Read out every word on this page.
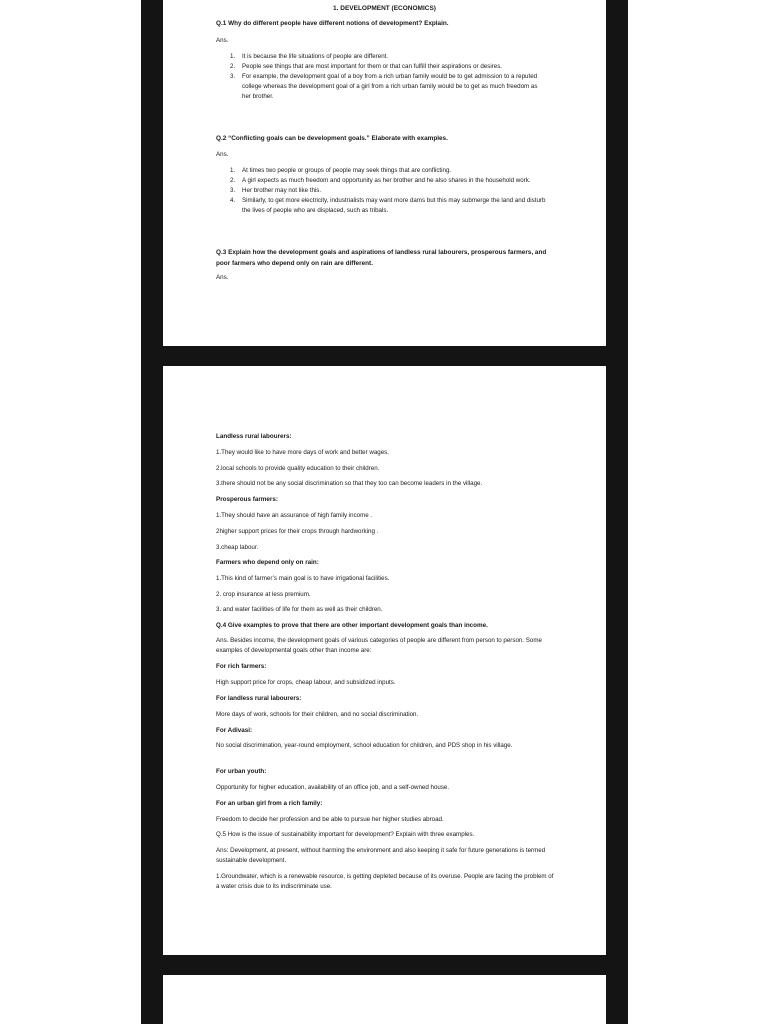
1. DEVELOPMENT (ECONOMICS)

Q.1 Why do different people have different notions of development? Explain.

Ans.

1. It is because the life situations of people are different.
2. People see things that are most important for them or that can fulfill their aspirations or desires.
3. For example, the development goal of a boy from a rich urban family would be to get admission to a reputed college whereas the development goal of a girl from a rich urban family would be to get as much freedom as her brother.

Q.2 “Conflicting goals can be development goals.” Elaborate with examples.

Ans.

1. At times two people or groups of people may seek things that are conflicting.
2. A girl expects as much freedom and opportunity as her brother and he also shares in the household work.
3. Her brother may not like this.
4. Similarly, to get more electricity, industrialists may want more dams but this may submerge the land and disturb the lives of people who are displaced, such as tribals.

Q.3 Explain how the development goals and aspirations of landless rural labourers, prosperous farmers, and poor farmers who depend only on rain are different.

Ans.

Landless rural labourers:

1.They would like to have more days of work and better wages.

2.local schools to provide quality education to their children.

3.there should not be any social discrimination so that they too can become leaders in the village.

Prosperous farmers:

1.They should have an assurance of high family income .

2higher support prices for their crops through hardworking .

3.cheap labour.

Farmers who depend only on rain:

1.This kind of farmer’s main goal is to have irrigational facilities.

2. crop insurance at less premium.

3. and water facilities of life for them as well as their children.

Q.4 Give examples to prove that there are other important development goals than income.

Ans. Besides income, the development goals of various categories of people are different from person to person. Some examples of developmental goals other than income are:

For rich farmers:

High support price for crops, cheap labour, and subsidized inputs.

For landless rural labourers:

More days of work, schools for their children, and no social discrimination.

For Adivasi:

No social discrimination, year-round employment, school education for children, and PDS shop in his village.

For urban youth:

Opportunity for higher education, availability of an office job, and a self-owned house.

For an urban girl from a rich family:

Freedom to decide her profession and be able to pursue her higher studies abroad.

Q.5 How is the issue of sustainability important for development? Explain with three examples.

Ans: Development, at present, without harming the environment and also keeping it safe for future generations is termed sustainable development.

1.Groundwater, which is a renewable resource, is getting depleted because of its overuse. People are facing the problem of a water crisis due to its indiscriminate use.
